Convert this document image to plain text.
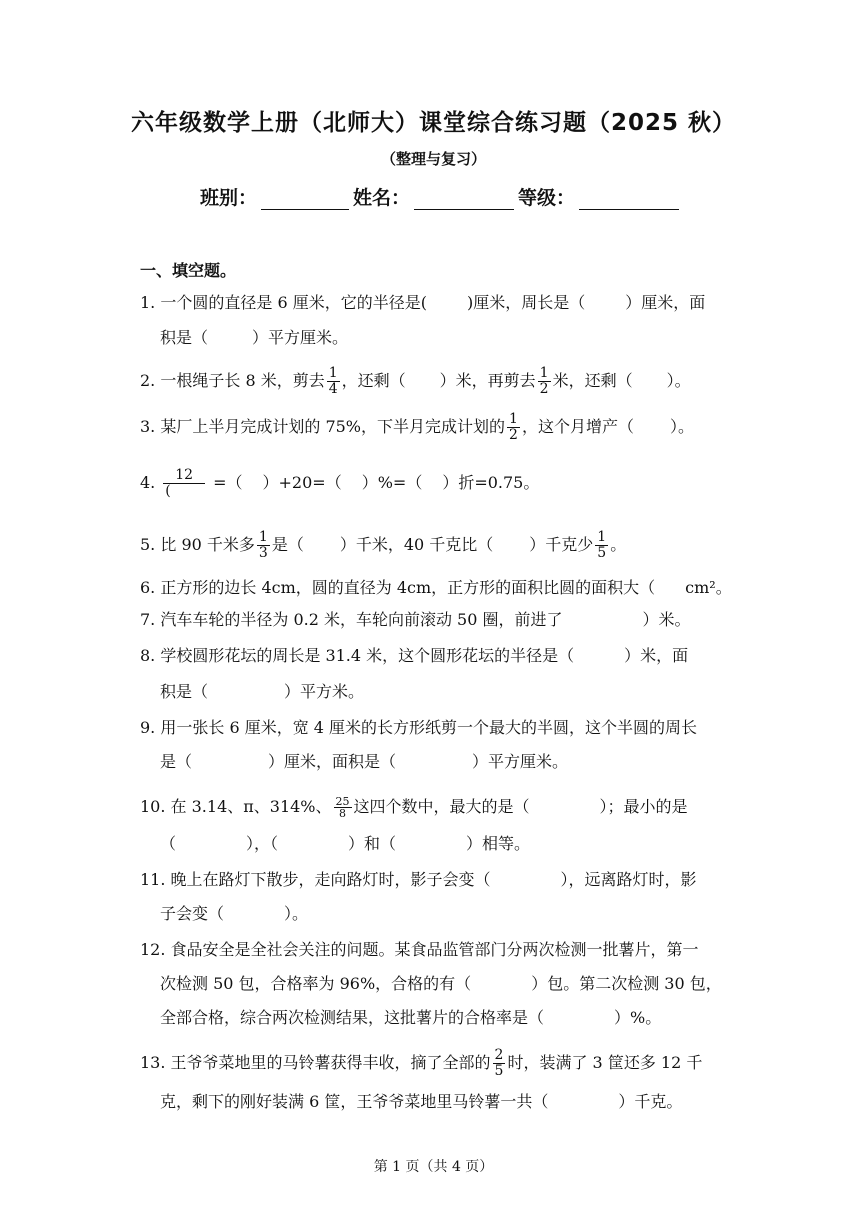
六年级数学上册（北师大）课堂综合练习题（2025 秋）
（整理与复习）
班别：	姓名：	等级：
一、填空题。
1. 一个圆的直径是 6 厘米，它的半径是(	)厘米，周长是（	）厘米，面
积是（	）平方厘米。
2. 一根绳子长 8 米，剪去 $\frac{1}{4}$ ，还剩（ ）米，再剪去 $\frac{1}{2}$ 米，还剩（ ）。
3. 某厂上半月完成计划的 75%，下半月完成计划的 $\frac{1}{2}$ ，这个月增产（ ）。
4. $\frac{12}{(}$ =（ ）+20=（ ）%=（ ）折=0.75。
5. 比 90 千米多 $\frac{1}{3}$ 是（ ）千米，40 千克比（ ）千克少 $\frac{1}{5}$ 。
6. 正方形的边长 4cm，圆的直径为 4cm，正方形的面积比圆的面积大（ cm²。
7. 汽车车轮的半径为 0.2 米，车轮向前滚动 50 圈，前进了	）米。
8. 学校圆形花坛的周长是 31.4 米，这个圆形花坛的半径是（	）米，面
积是（	）平方米。
9. 用一张长 6 厘米，宽 4 厘米的长方形纸剪一个最大的半圆，这个半圆的周长
是（	）厘米，面积是（	）平方厘米。
10. 在 3.14、π、314%、 $\frac{25}{8}$ 这四个数中，最大的是（	）；最小的是
（	），（	）和（	）相等。
11. 晚上在路灯下散步，走向路灯时，影子会变（	），远离路灯时，影
子会变（	）。
12. 食品安全是全社会关注的问题。某食品监管部门分两次检测一批薯片，第一
次检测 50 包，合格率为 96%，合格的有（	）包。第二次检测 30 包，
全部合格，综合两次检测结果，这批薯片的合格率是（	）%。
13. 王爷爷菜地里的马铃薯获得丰收，摘了全部的 $\frac{2}{5}$ 时，装满了 3 筐还多 12 千
克，剩下的刚好装满 6 筐，王爷爷菜地里马铃薯一共（	）千克。
第 1 页（共 4 页）
